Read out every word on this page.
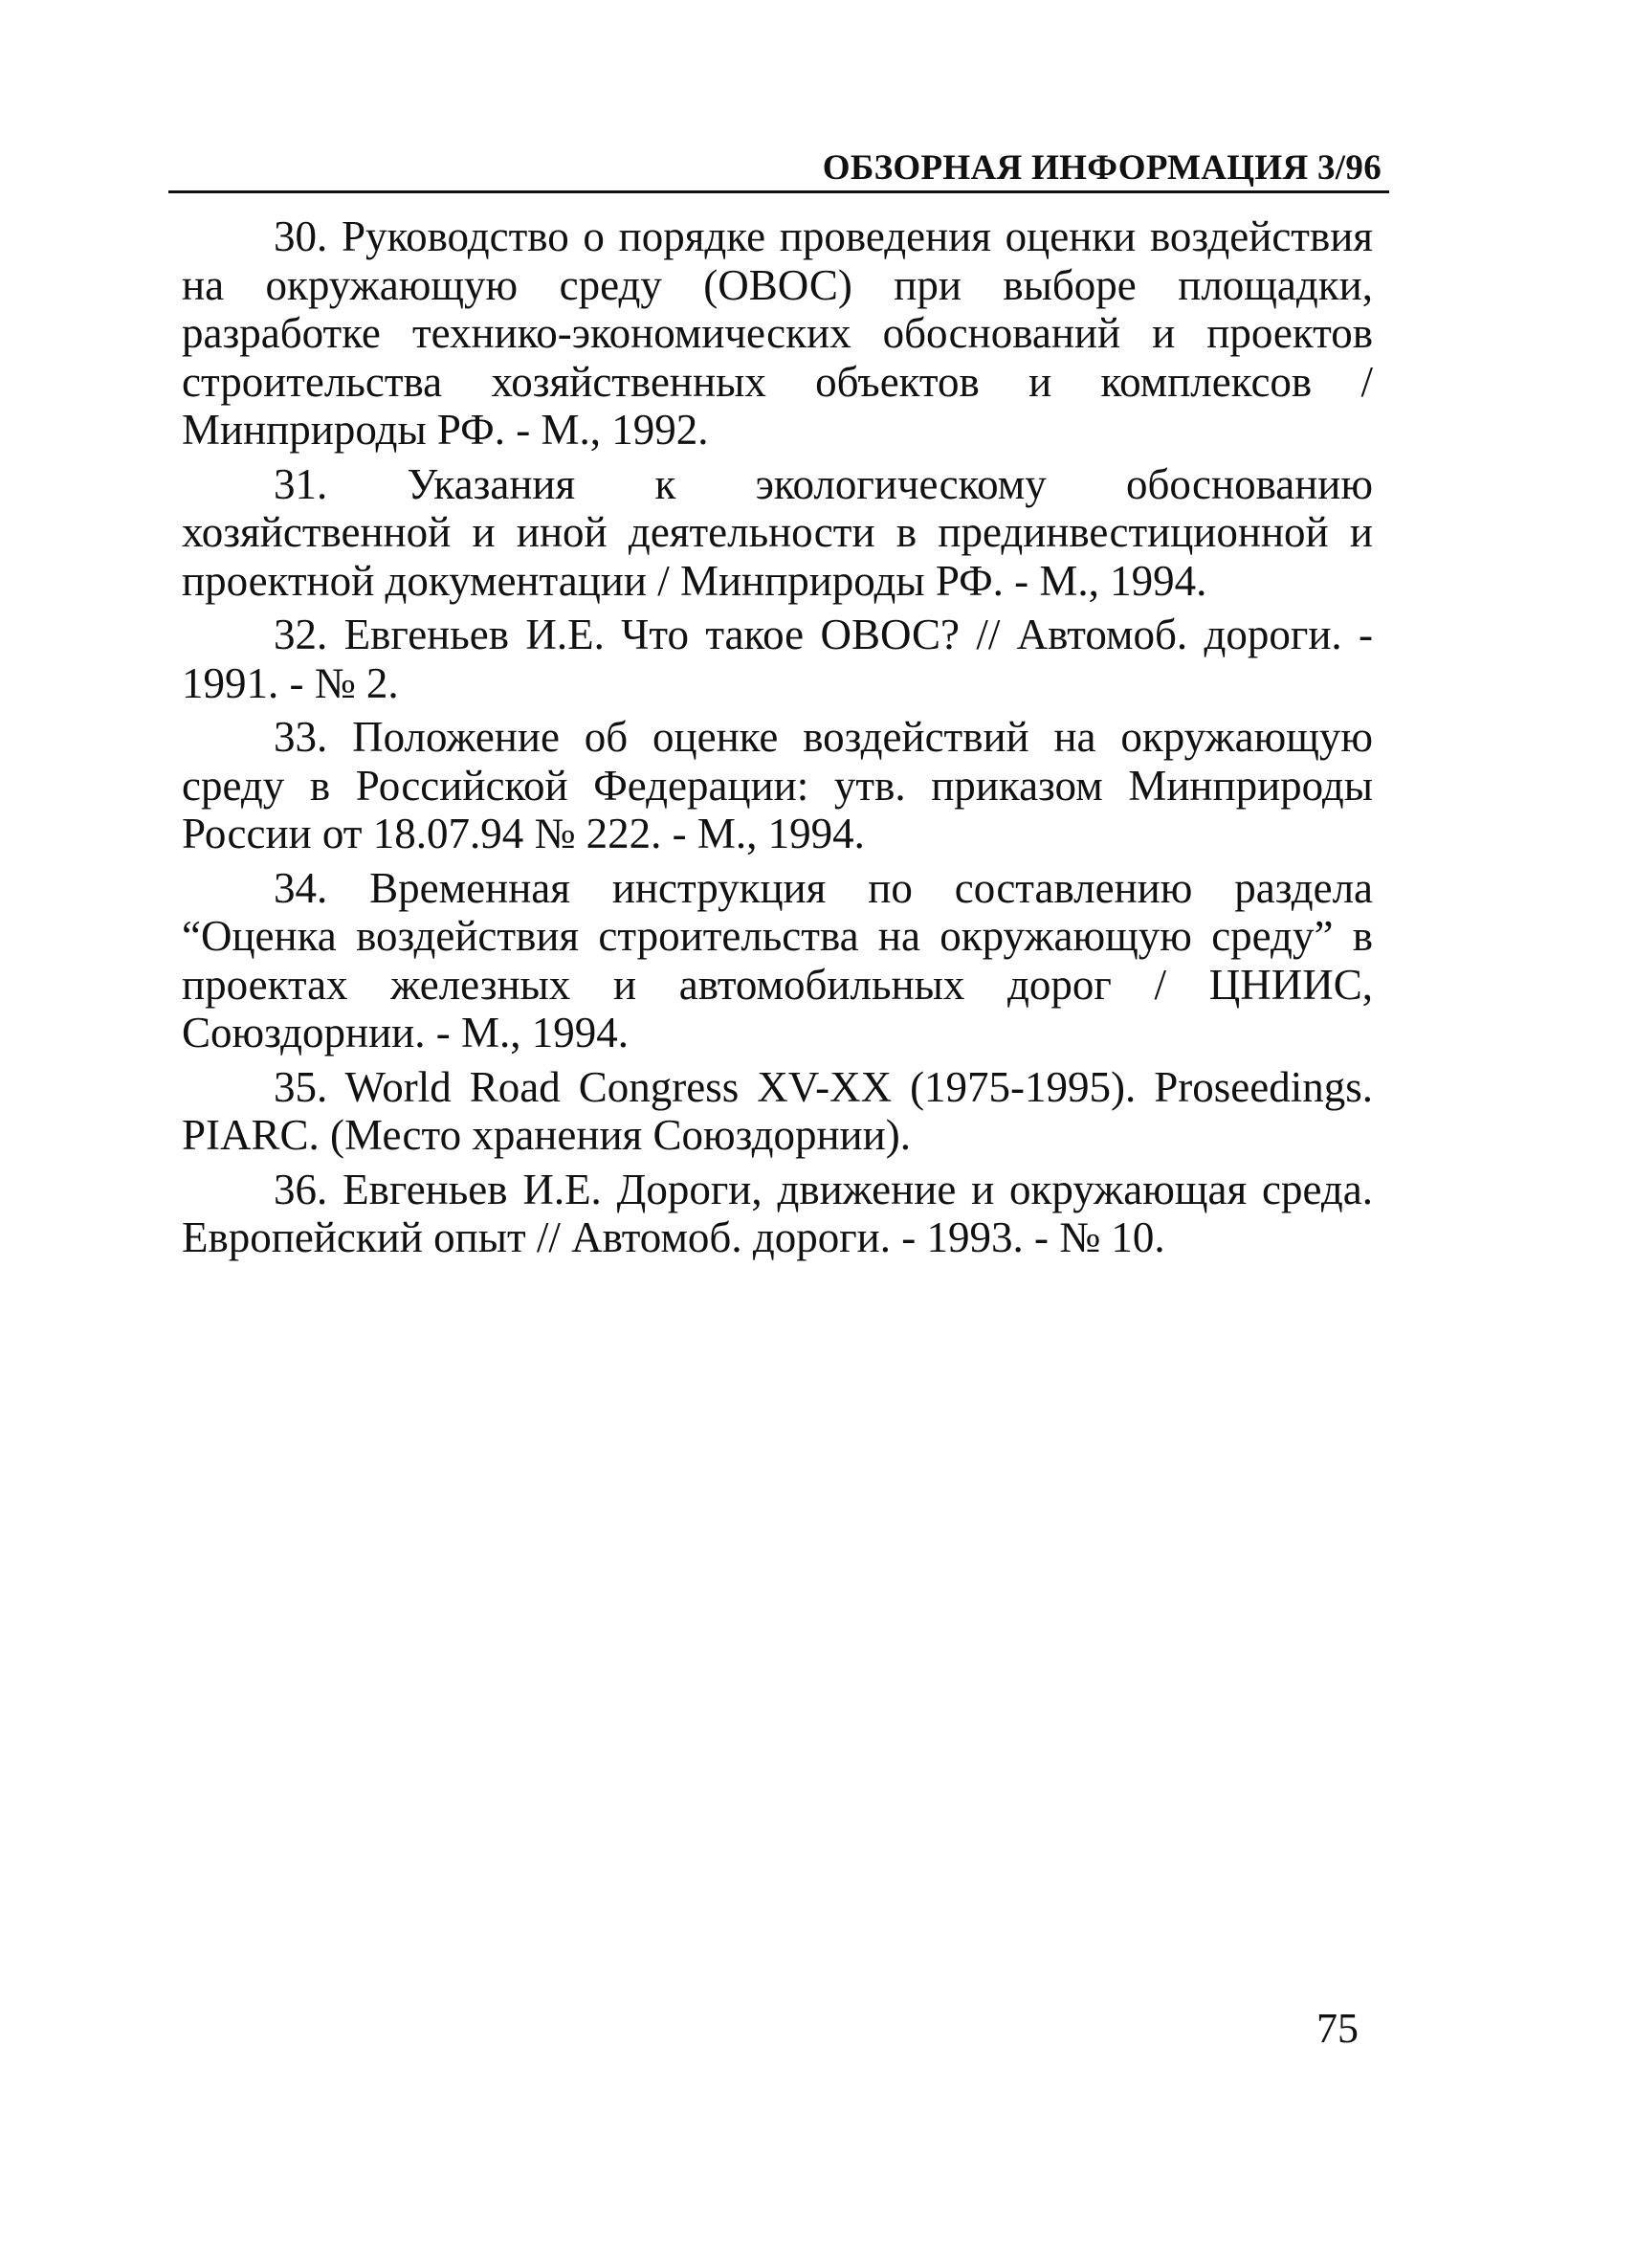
ОБЗОРНАЯ ИНФОРМАЦИЯ 3/96

30. Руководство о порядке проведения оценки воздействия на окружающую среду (ОВОС) при выборе площадки, разработке технико-экономических обоснований и проектов строительства хозяйственных объектов и комплексов / Минприроды РФ. - М., 1992.

31. Указания к экологическому обоснованию хозяйственной и иной деятельности в прединвестиционной и проектной документации / Минприроды РФ. - М., 1994.

32. Евгеньев И.Е. Что такое ОВОС? // Автомоб. дороги. - 1991. - № 2.

33. Положение об оценке воздействий на окружающую среду в Российской Федерации: утв. приказом Минприроды России от 18.07.94 № 222. - М., 1994.

34. Временная инструкция по составлению раздела “Оценка воздействия строительства на окружающую среду” в проектах железных и автомобильных дорог / ЦНИИС, Союздорнии. - М., 1994.

35. World Road Congress XV-XX (1975-1995). Proseedings. PIARC. (Место хранения Союздорнии).

36. Евгеньев И.Е. Дороги, движение и окружающая среда. Европейский опыт // Автомоб. дороги. - 1993. - № 10.

75
